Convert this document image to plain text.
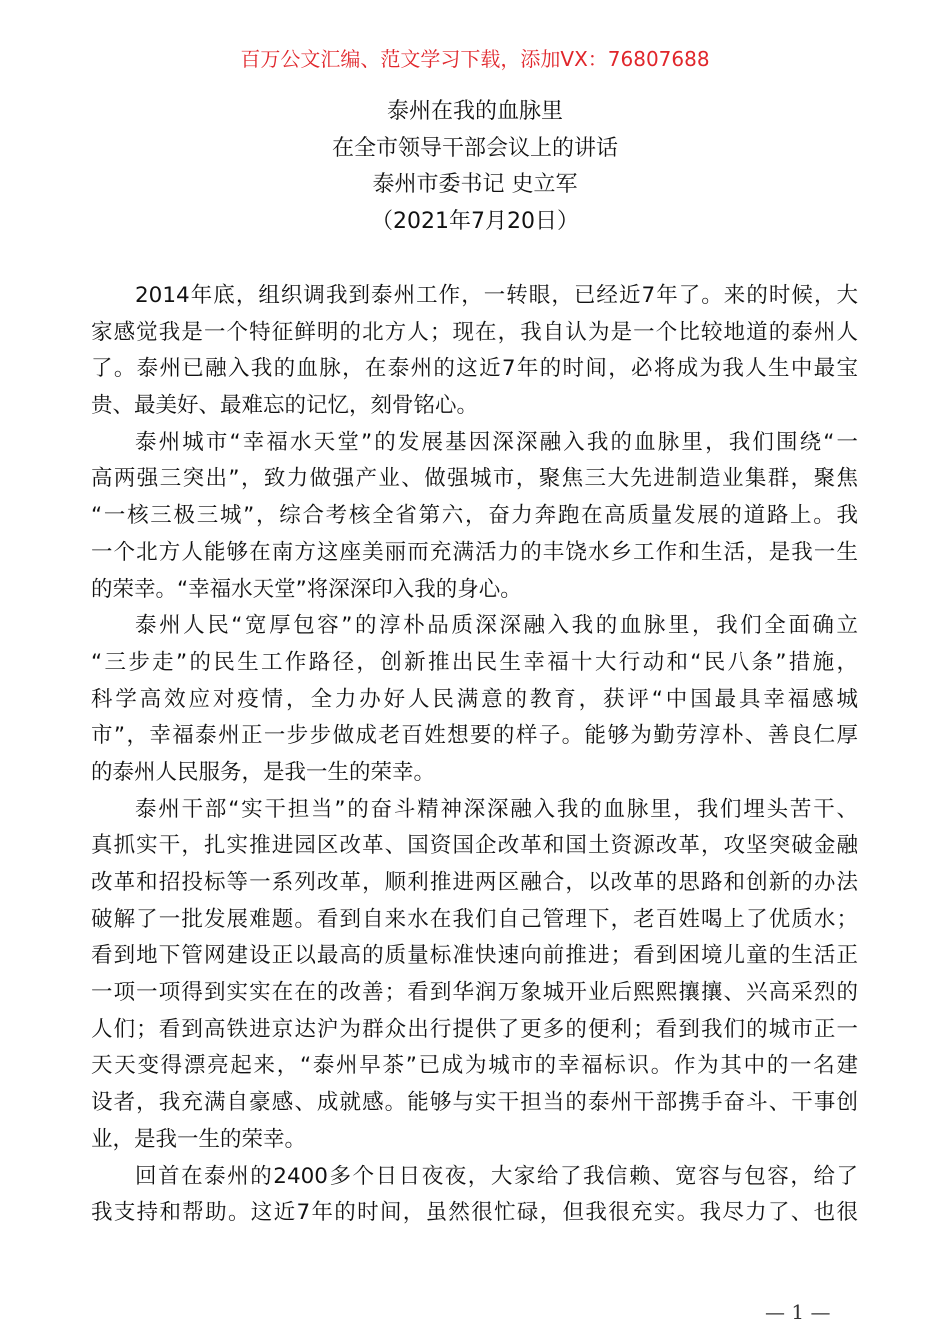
百万公文汇编、范文学习下载，添加VX：76807688
泰州在我的血脉里
在全市领导干部会议上的讲话
泰州市委书记 史立军
（2021年7月20日）
2014年底，组织调我到泰州工作，一转眼，已经近7年了。来的时候，大
家感觉我是一个特征鲜明的北方人；现在，我自认为是一个比较地道的泰州人
了。泰州已融入我的血脉，在泰州的这近7年的时间，必将成为我人生中最宝
贵、最美好、最难忘的记忆，刻骨铭心。
泰州城市“幸福水天堂”的发展基因深深融入我的血脉里，我们围绕“一
高两强三突出”，致力做强产业、做强城市，聚焦三大先进制造业集群，聚焦
“一核三极三城”，综合考核全省第六，奋力奔跑在高质量发展的道路上。我
一个北方人能够在南方这座美丽而充满活力的丰饶水乡工作和生活，是我一生
的荣幸。“幸福水天堂”将深深印入我的身心。
泰州人民“宽厚包容”的淳朴品质深深融入我的血脉里，我们全面确立
“三步走”的民生工作路径，创新推出民生幸福十大行动和“民八条”措施，
科学高效应对疫情，全力办好人民满意的教育，获评“中国最具幸福感城
市”，幸福泰州正一步步做成老百姓想要的样子。能够为勤劳淳朴、善良仁厚
的泰州人民服务，是我一生的荣幸。
泰州干部“实干担当”的奋斗精神深深融入我的血脉里，我们埋头苦干、
真抓实干，扎实推进园区改革、国资国企改革和国土资源改革，攻坚突破金融
改革和招投标等一系列改革，顺利推进两区融合，以改革的思路和创新的办法
破解了一批发展难题。看到自来水在我们自己管理下，老百姓喝上了优质水；
看到地下管网建设正以最高的质量标准快速向前推进；看到困境儿童的生活正
一项一项得到实实在在的改善；看到华润万象城开业后熙熙攘攘、兴高采烈的
人们；看到高铁进京达沪为群众出行提供了更多的便利；看到我们的城市正一
天天变得漂亮起来，“泰州早茶”已成为城市的幸福标识。作为其中的一名建
设者，我充满自豪感、成就感。能够与实干担当的泰州干部携手奋斗、干事创
业，是我一生的荣幸。
回首在泰州的2400多个日日夜夜，大家给了我信赖、宽容与包容，给了
我支持和帮助。这近7年的时间，虽然很忙碌，但我很充实。我尽力了、也很
— 1 —
